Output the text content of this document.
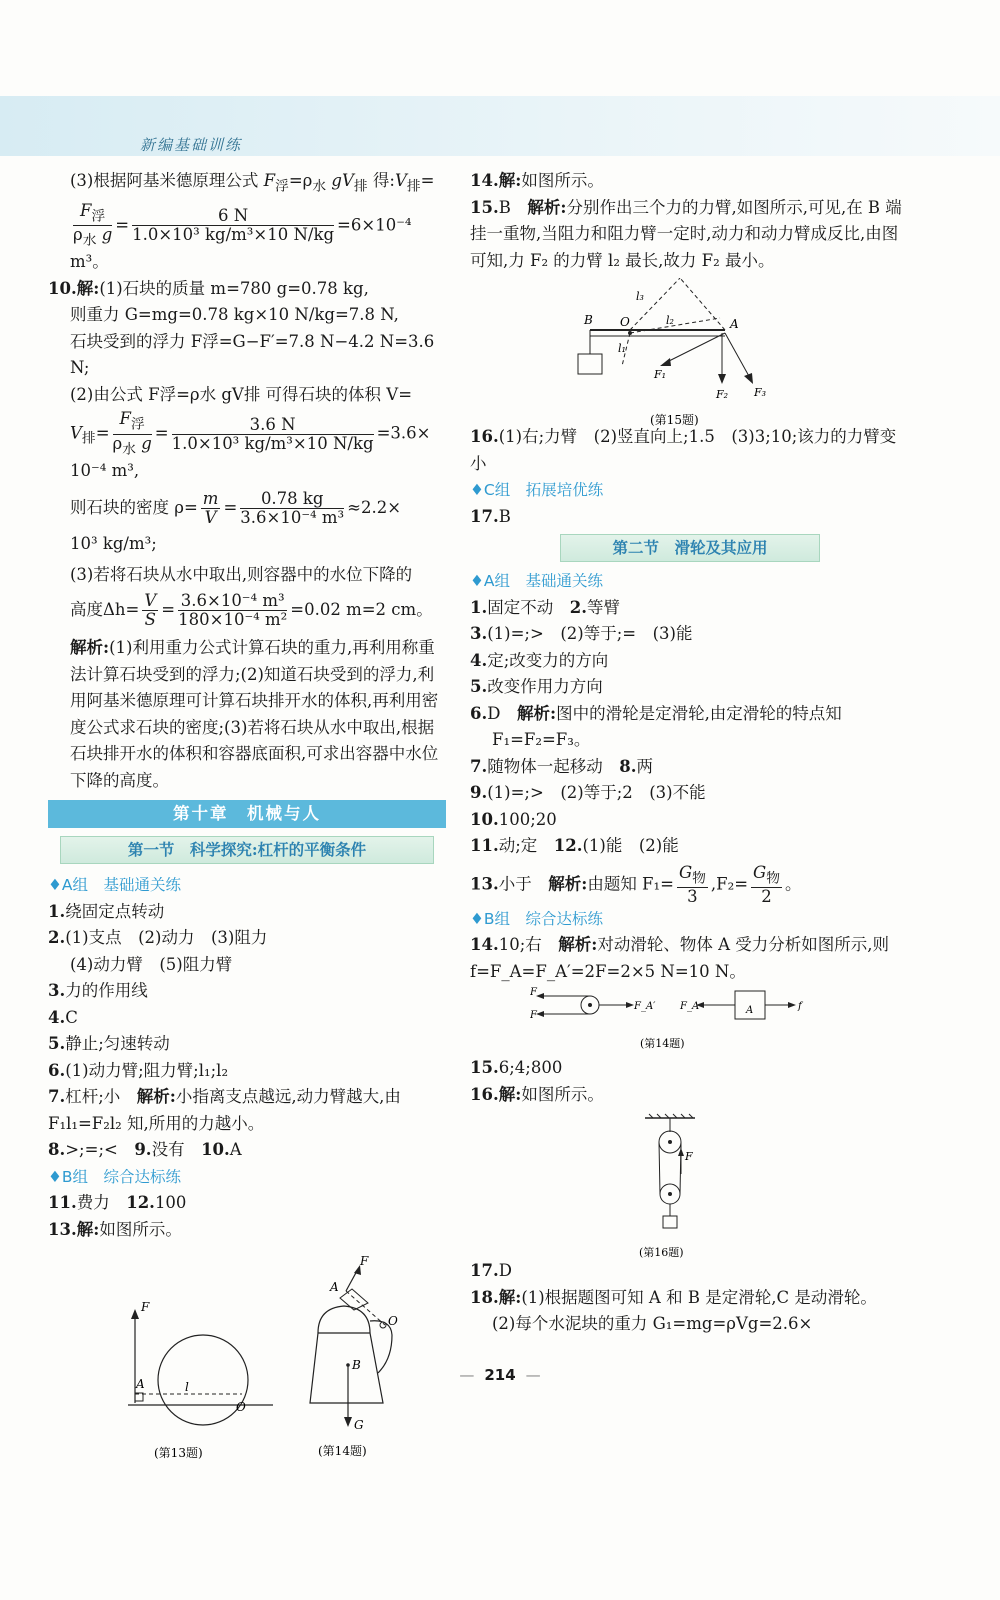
新编基础训练

(3)根据阿基米德原理公式 $F_浮=\rho_水$ $gV_排$ 得$:V_排=$

$\frac{F_浮}{\rho_水 g} = \frac{6 N}{\text{1.0×10³ kg/m³×10 N/kg}} =6\times 10^{-4}$ m³。

10.解:(1)石块的质量 m=780 g=0.78 kg,

则重力 G=mg=0.78 kg×10 N/kg=7.8 N,

石块受到的浮力 F浮=G−F′=7.8 N−4.2 N=3.6 N;

(2)由公式 F浮=ρ水 gV排 可得石块的体积 V=

$V_排= \frac{F_浮}{\rho_水 g} = \frac{3.6 N}{\text{1.0×10³ kg/m³×10 N/kg}} =3.6\times$

10⁻⁴ m³,

则石块的密度 $\rho= \frac{m}{V} = \frac{0.78 kg}{\text{3.6×10⁻⁴ m³}} \approx 2.2\times$

10³ kg/m³;

(3)若将石块从水中取出,则容器中的水位下降的

高度$\Delta h= \frac{V}{S} = \frac{\text{3.6×10⁻⁴ m³}}{\text{180×10⁻⁴ m²}} =0.02$ m=2 cm。

解析:(1)利用重力公式计算石块的重力,再利用称重法计算石块受到的浮力;(2)知道石块受到的浮力,利用阿基米德原理可计算石块排开水的体积,再利用密度公式求石块的密度;(3)若将石块从水中取出,根据石块排开水的体积和容器底面积,可求出容器中水位下降的高度。

第十章　机械与人
第一节　科学探究:杠杆的平衡条件

♦A组　基础通关练

1.绕固定点转动

2.(1)支点　(2)动力　(3)阻力

(4)动力臂　(5)阻力臂

3.力的作用线

4.C

5.静止;匀速转动

6.(1)动力臂;阻力臂;l₁;l₂

7.杠杆;小　 解析:小指离支点越远,动力臂越大,由 F₁l₁=F₂l₂ 知,所用的力越小。

8.>;=;<　 9.没有　 10.A

♦B组　综合达标练

11.费力　 12.100

13.解:如图所示。

F
A	l
O
(第13题)
F
A
O
B
G
(第14题)

14.解:如图所示。

15.B　 解析:分别作出三个力的力臂,如图所示,可见,在 B 端挂一重物,当阻力和阻力臂一定时,动力和动力臂成反比,由图可知,力 F₂ 的力臂 l₂ 最长,故力 F₂ 最小。

B O	A
l₂
l₃
l₁
F₁
F₂ F₃
(第15题)

16.(1)右;力臂　(2)竖直向上;1.5　(3)3;10;该力的力臂变小

♦C组　拓展培优练

17.B

第二节　滑轮及其应用

♦A组　基础通关练

1.固定不动　 2.等臂

3.(1)=;>　(2)等于;=　(3)能

4.定;改变力的方向

5.改变作用力方向

6.D　 解析:图中的滑轮是定滑轮,由定滑轮的特点知

F₁=F₂=F₃。

7.随物体一起移动　 8.两

9.(1)=;>　(2)等于;2　(3)不能

10.100;20

11.动;定　 12.(1)能　(2)能

13.小于　 解析:由题知 $F_1= \frac{G_物}{3} ,F_2= \frac{G_物}{2}$ 。

♦B组　综合达标练

14.10;右　 解析:对动滑轮、物体 A 受力分析如图所示,则 f=F_A=F_A′=2F=2×5 N=10 N。

F
F
F_A′ F_A	A	f
(第14题)

15.6;4;800

16.解:如图所示。

F
(第16题)

17.D

18.解:(1)根据题图可知 A 和 B 是定滑轮,C 是动滑轮。

(2)每个水泥块的重力 G₁=mg=ρVg=2.6×

— 214 —
